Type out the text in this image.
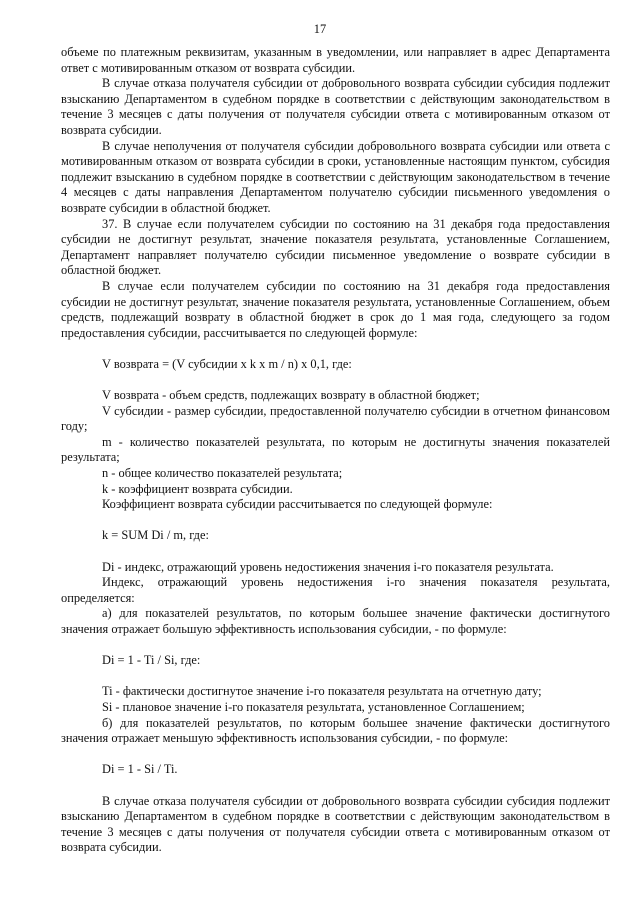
17

объеме по платежным реквизитам, указанным в уведомлении, или направляет в адрес Департамента ответ с мотивированным отказом от возврата субсидии.

В случае отказа получателя субсидии от добровольного возврата субсидии субсидия подлежит взысканию Департаментом в судебном порядке в соответствии с действующим законодательством в течение 3 месяцев с даты получения от получателя субсидии ответа с мотивированным отказом от возврата субсидии.

В случае неполучения от получателя субсидии добровольного возврата субсидии или ответа с мотивированным отказом от возврата субсидии в сроки, установленные настоящим пунктом, субсидия подлежит взысканию в судебном порядке в соответствии с действующим законодательством в течение 4 месяцев с даты направления Департаментом получателю субсидии письменного уведомления о возврате субсидии в областной бюджет.

37. В случае если получателем субсидии по состоянию на 31 декабря года предоставления субсидии не достигнут результат, значение показателя результата, установленные Соглашением, Департамент направляет получателю субсидии письменное уведомление о возврате субсидии в областной бюджет.

В случае если получателем субсидии по состоянию на 31 декабря года предоставления субсидии не достигнут результат, значение показателя результата, установленные Соглашением, объем средств, подлежащий возврату в областной бюджет в срок до 1 мая года, следующего за годом предоставления субсидии, рассчитывается по следующей формуле:

V возврата = (V субсидии x k x m / n) x 0,1, где:

V возврата - объем средств, подлежащих возврату в областной бюджет;

V субсидии - размер субсидии, предоставленной получателю субсидии в отчетном финансовом году;

m - количество показателей результата, по которым не достигнуты значения показателей результата;

n - общее количество показателей результата;

k - коэффициент возврата субсидии.

Коэффициент возврата субсидии рассчитывается по следующей формуле:

k = SUM Di / m, где:

Di - индекс, отражающий уровень недостижения значения i-го показателя результата.

Индекс, отражающий уровень недостижения i-го значения показателя результата, определяется:

а) для показателей результатов, по которым большее значение фактически достигнутого значения отражает большую эффективность использования субсидии, - по формуле:

Di = 1 - Ti / Si, где:

Ti - фактически достигнутое значение i-го показателя результата на отчетную дату;

Si - плановое значение i-го показателя результата, установленное Соглашением;

б) для показателей результатов, по которым большее значение фактически достигнутого значения отражает меньшую эффективность использования субсидии, - по формуле:

Di = 1 - Si / Ti.

В случае отказа получателя субсидии от добровольного возврата субсидии субсидия подлежит взысканию Департаментом в судебном порядке в соответствии с действующим законодательством в течение 3 месяцев с даты получения от получателя субсидии ответа с мотивированным отказом от возврата субсидии.
